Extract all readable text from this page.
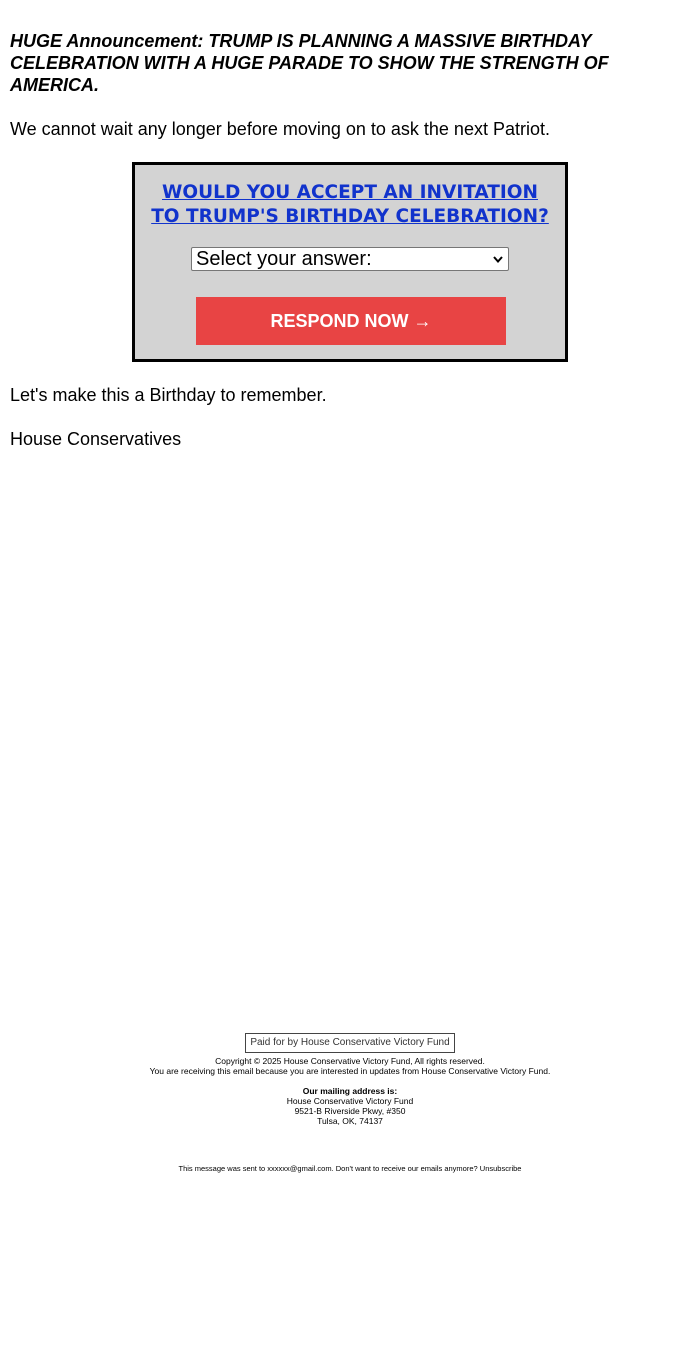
HUGE Announcement: TRUMP IS PLANNING A MASSIVE BIRTHDAY CELEBRATION WITH A HUGE PARADE TO SHOW THE STRENGTH OF AMERICA.

We cannot wait any longer before moving on to ask the next Patriot.

WOULD YOU ACCEPT AN INVITATION
TO TRUMP'S BIRTHDAY CELEBRATION?
Select your answer:
RESPOND NOW →

Let's make this a Birthday to remember.

House Conservatives

Paid for by House Conservative Victory Fund

Copyright © 2025 House Conservative Victory Fund, All rights reserved.

You are receiving this email because you are interested in updates from House Conservative Victory Fund.

Our mailing address is:

House Conservative Victory Fund

9521-B Riverside Pkwy, #350

Tulsa, OK, 74137

This message was sent to xxxxxx@gmail.com. Don't want to receive our emails anymore? Unsubscribe
